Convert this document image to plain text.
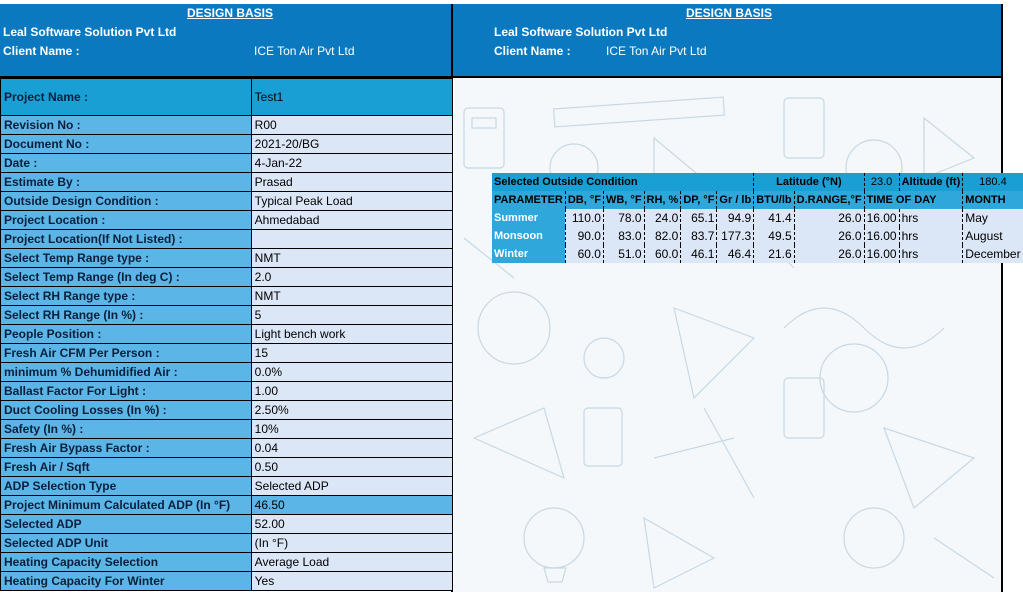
DESIGN BASIS
Leal Software Solution Pvt Ltd
Client Name :	ICE Ton Air Pvt Ltd
DESIGN BASIS
Leal Software Solution Pvt Ltd
Client Name :	ICE Ton Air Pvt Ltd
Project Name :	Test1
Revision No :	R00
Document No :	2021-20/BG
Date :	4-Jan-22
Estimate By :	Prasad
Outside Design Condition :	Typical Peak Load
Project Location :	Ahmedabad
Project Location(If Not Listed) :	
Select Temp Range type :	NMT
Select Temp Range (In deg C) :	2.0
Select RH Range type :	NMT
Select RH Range (In %) :	5
People Position :	Light bench work
Fresh Air CFM Per Person :	15
minimum % Dehumidified Air :	0.0%
Ballast Factor For Light :	1.00
Duct Cooling Losses (In %) :	2.50%
Safety (In %) :	10%
Fresh Air Bypass Factor :	0.04
Fresh Air / Sqft	0.50
ADP Selection Type	Selected ADP
Project Minimum Calculated ADP (In °F)	46.50
Selected ADP	52.00
Selected ADP Unit	(In °F)
Heating Capacity Selection	Average Load
Heating Capacity For Winter	Yes
Selected Outside Condition						Latitude (°N)		23.0	Altitude (ft)	180.4
PARAMETER	DB, °F	WB, °F	RH, %	DP, °F	Gr / lb	BTU/lb	D.RANGE,°F	TIME OF DAY		MONTH
Summer	110.0	78.0	24.0	65.1	94.9	41.4	26.0	16.00	hrs	May
Monsoon	90.0	83.0	82.0	83.7	177.3	49.5	26.0	16.00	hrs	August
Winter	60.0	51.0	60.0	46.1	46.4	21.6	26.0	16.00	hrs	December
